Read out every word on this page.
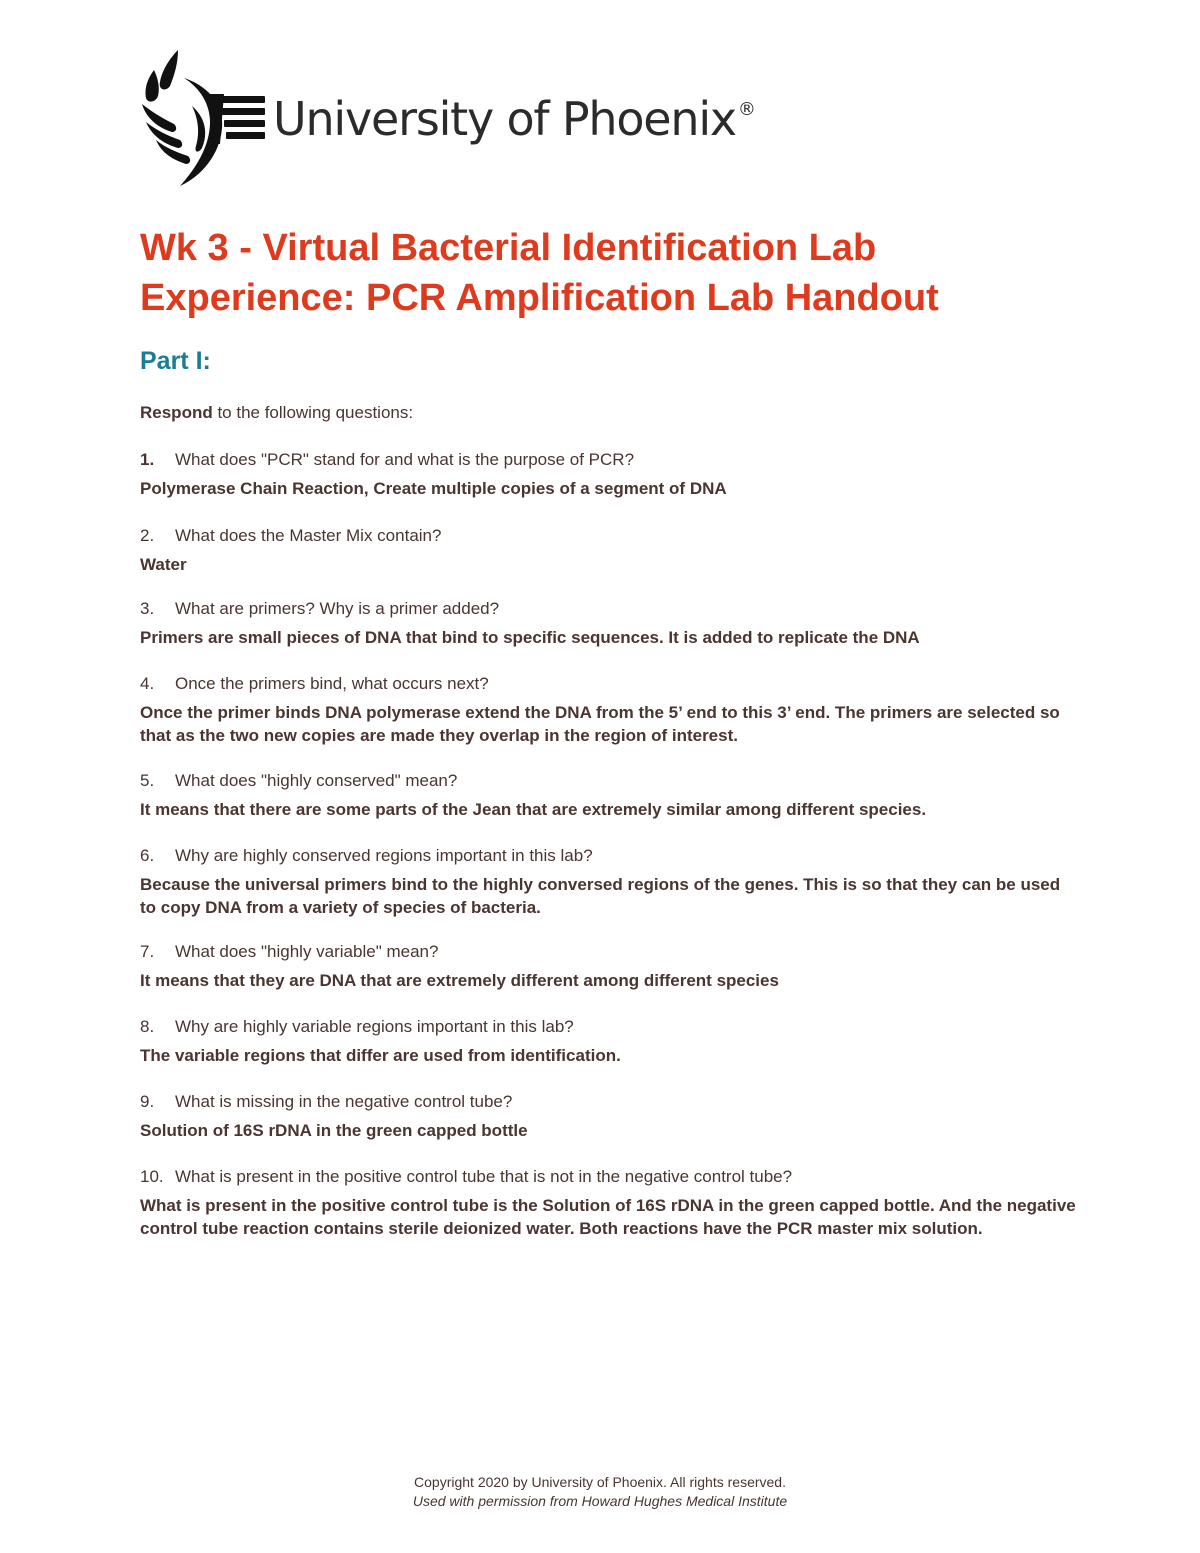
University of Phoenix ®
Wk 3 - Virtual Bacterial Identification Lab
Experience: PCR Amplification Lab Handout
Part I:
Respond to the following questions:
1. What does "PCR" stand for and what is the purpose of PCR?
Polymerase Chain Reaction, Create multiple copies of a segment of DNA
2. What does the Master Mix contain?
Water
3. What are primers? Why is a primer added?
Primers are small pieces of DNA that bind to specific sequences. It is added to replicate the DNA
4. Once the primers bind, what occurs next?
Once the primer binds DNA polymerase extend the DNA from the 5’ end to this 3’ end. The primers are selected so that as the two new copies are made they overlap in the region of interest.
5. What does "highly conserved" mean?
It means that there are some parts of the Jean that are extremely similar among different species.
6. Why are highly conserved regions important in this lab?
Because the universal primers bind to the highly conversed regions of the genes. This is so that they can be used to copy DNA from a variety of species of bacteria.
7. What does "highly variable" mean?
It means that they are DNA that are extremely different among different species
8. Why are highly variable regions important in this lab?
The variable regions that differ are used from identification.
9. What is missing in the negative control tube?
Solution of 16S rDNA in the green capped bottle
10. What is present in the positive control tube that is not in the negative control tube?
What is present in the positive control tube is the Solution of 16S rDNA in the green capped bottle. And the negative control tube reaction contains sterile deionized water. Both reactions have the PCR master mix solution.
Copyright 2020 by University of Phoenix. All rights reserved.
Used with permission from Howard Hughes Medical Institute
